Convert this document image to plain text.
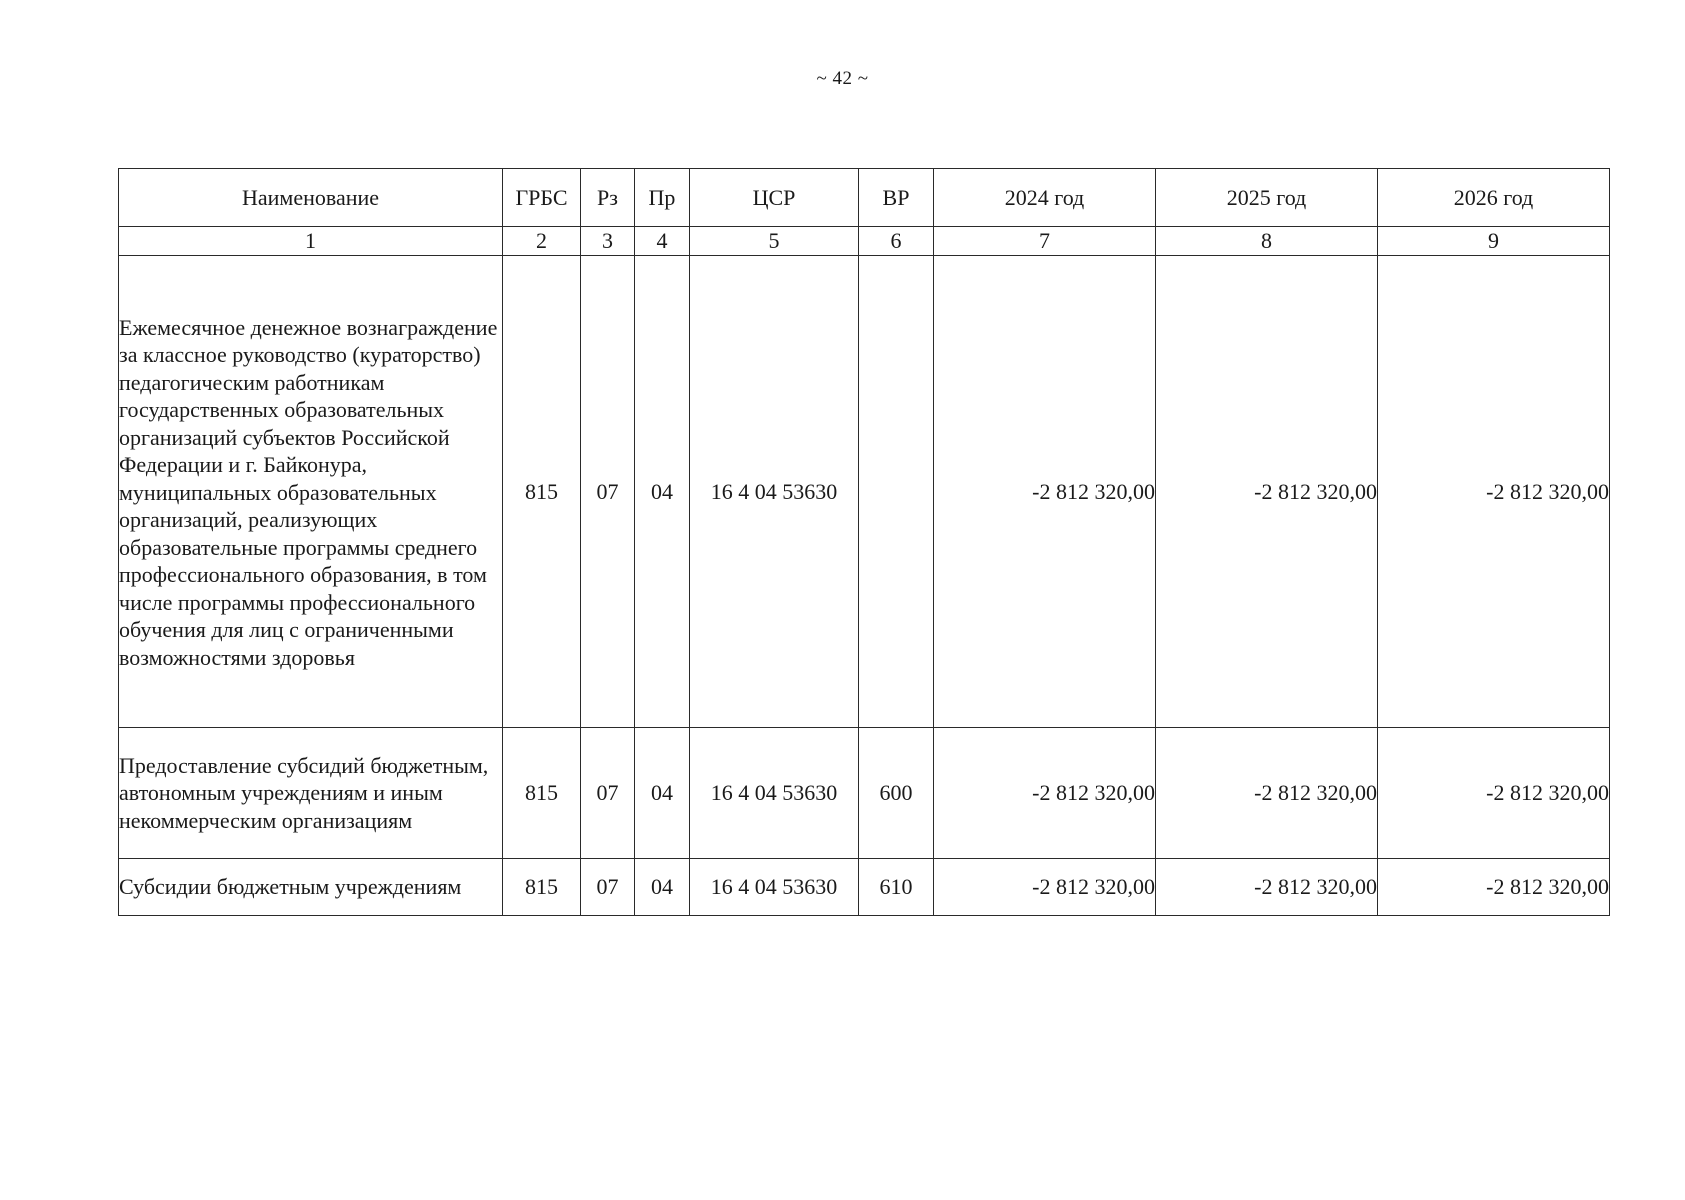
~ 42 ~
Наименование	ГРБС	Рз	Пр	ЦСР	ВР	2024 год	2025 год	2026 год
1	2	3	4	5	6	7	8	9
Ежемесячное денежное вознаграждение за классное руководство (кураторство) педагогическим работникам государственных образовательных организаций субъектов Российской Федерации и г. Байконура, муниципальных образовательных организаций, реализующих образовательные программы среднего профессионального образования, в том числе программы профессионального обучения для лиц с ограниченными возможностями здоровья	815	07	04	16 4 04 53630		-2 812 320,00	-2 812 320,00	-2 812 320,00
Предоставление субсидий бюджетным, автономным учреждениям и иным некоммерческим организациям	815	07	04	16 4 04 53630	600	-2 812 320,00	-2 812 320,00	-2 812 320,00
Субсидии бюджетным учреждениям	815	07	04	16 4 04 53630	610	-2 812 320,00	-2 812 320,00	-2 812 320,00
